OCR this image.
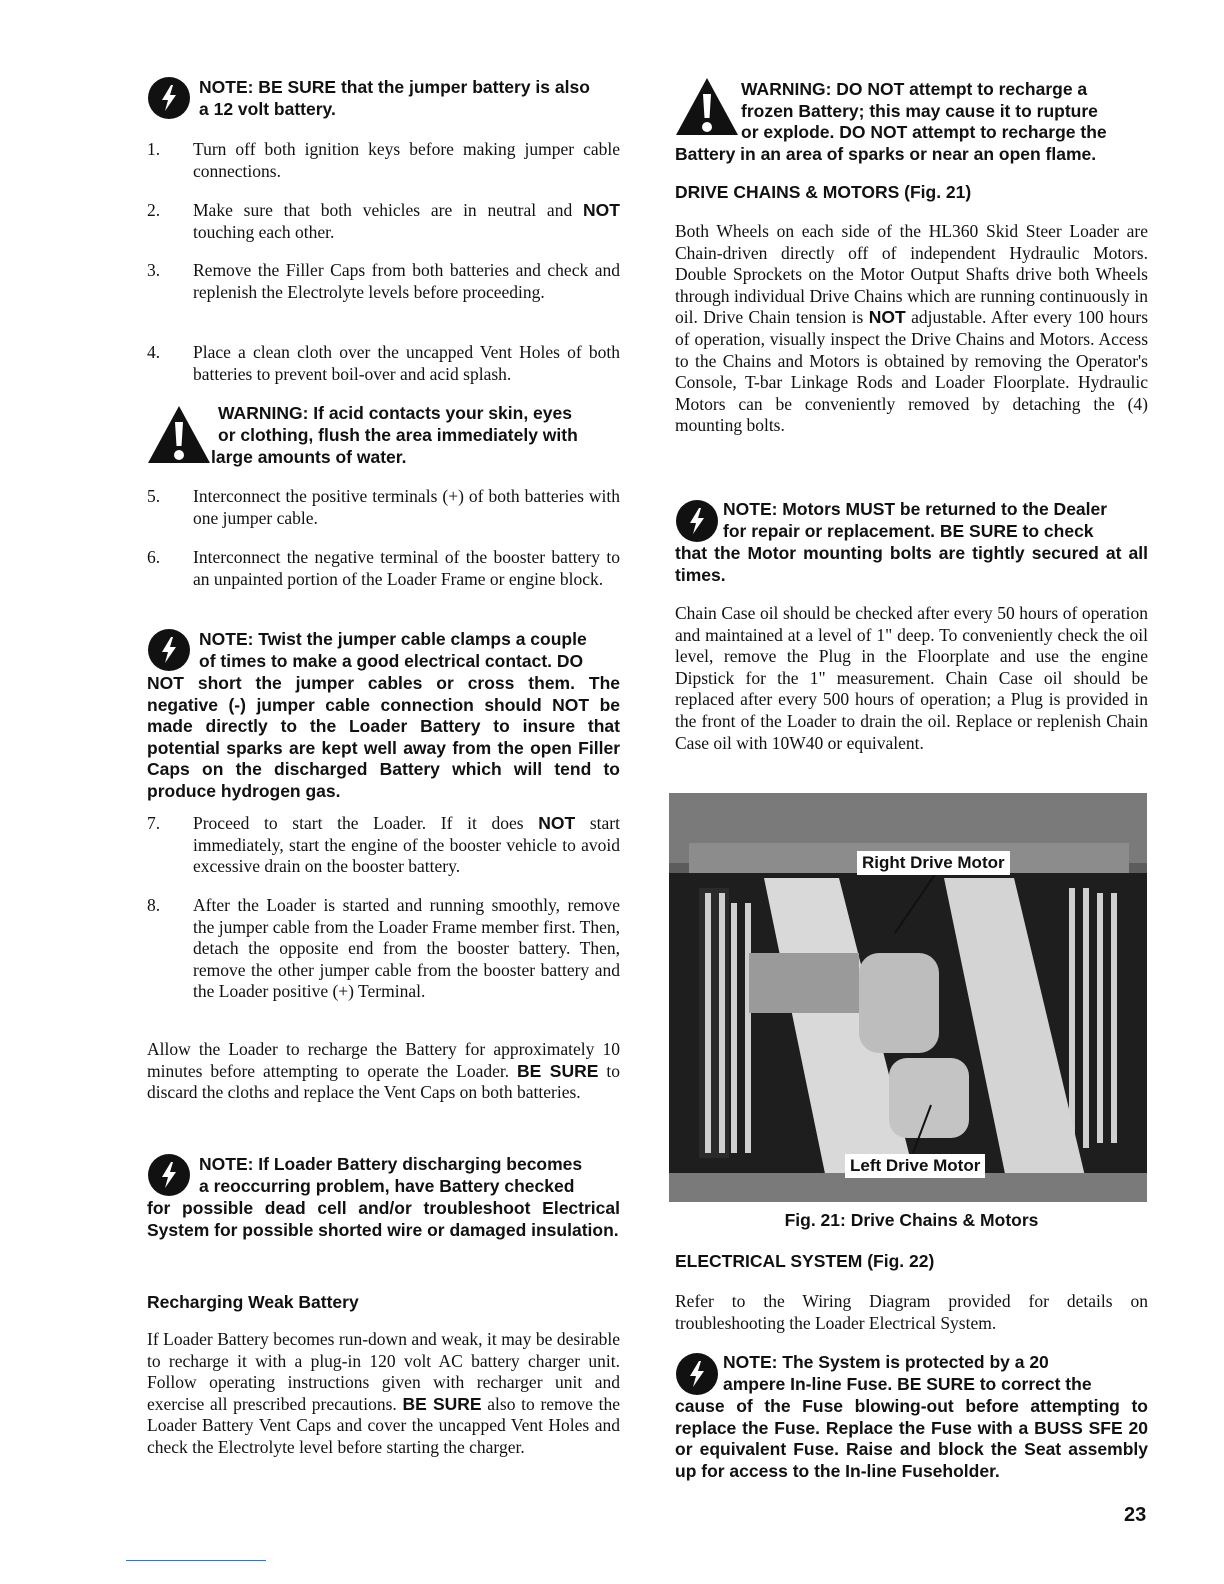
NOTE: BE SURE that the jumper battery is also
a 12 volt battery.
1. Turn off both ignition keys before making jumper cable connections.
2. Make sure that both vehicles are in neutral and NOT touching each other.
3. Remove the Filler Caps from both batteries and check and replenish the Electrolyte levels before proceeding.
4. Place a clean cloth over the uncapped Vent Holes of both batteries to prevent boil-over and acid splash.
WARNING: If acid contacts your skin, eyes
or clothing, flush the area immediately with
large amounts of water.
5. Interconnect the positive terminals (+) of both batteries with one jumper cable.
6. Interconnect the negative terminal of the booster battery to an unpainted portion of the Loader Frame or engine block.
NOTE: Twist the jumper cable clamps a couple
of times to make a good electrical contact. DO
NOT short the jumper cables or cross them. The negative (-) jumper cable connection should NOT be made directly to the Loader Battery to insure that potential sparks are kept well away from the open Filler Caps on the discharged Battery which will tend to produce hydrogen gas.
7. Proceed to start the Loader. If it does NOT start immediately, start the engine of the booster vehicle to avoid excessive drain on the booster battery.
8. After the Loader is started and running smoothly, remove the jumper cable from the Loader Frame member first. Then, detach the opposite end from the booster battery. Then, remove the other jumper cable from the booster battery and the Loader positive (+) Terminal.
Allow the Loader to recharge the Battery for approximately 10 minutes before attempting to operate the Loader. BE SURE to discard the cloths and replace the Vent Caps on both batteries.
NOTE: If Loader Battery discharging becomes
a reoccurring problem, have Battery checked
for possible dead cell and/or troubleshoot Electrical System for possible shorted wire or damaged insulation.
Recharging Weak Battery
If Loader Battery becomes run-down and weak, it may be desirable to recharge it with a plug-in 120 volt AC battery charger unit. Follow operating instructions given with recharger unit and exercise all prescribed precautions. BE SURE also to remove the Loader Battery Vent Caps and cover the uncapped Vent Holes and check the Electrolyte level before starting the charger.
WARNING: DO NOT attempt to recharge a
frozen Battery; this may cause it to rupture
or explode. DO NOT attempt to recharge the
Battery in an area of sparks or near an open flame.
DRIVE CHAINS & MOTORS (Fig. 21)
Both Wheels on each side of the HL360 Skid Steer Loader are Chain-driven directly off of independent Hydraulic Motors. Double Sprockets on the Motor Output Shafts drive both Wheels through individual Drive Chains which are running continuously in oil. Drive Chain tension is NOT adjustable. After every 100 hours of operation, visually inspect the Drive Chains and Motors. Access to the Chains and Motors is obtained by removing the Operator's Console, T-bar Linkage Rods and Loader Floorplate. Hydraulic Motors can be conveniently removed by detaching the (4) mounting bolts.
NOTE: Motors MUST be returned to the Dealer
for repair or replacement. BE SURE to check
that the Motor mounting bolts are tightly secured at all times.
Chain Case oil should be checked after every 50 hours of operation and maintained at a level of 1" deep. To conveniently check the oil level, remove the Plug in the Floorplate and use the engine Dipstick for the 1" measurement. Chain Case oil should be replaced after every 500 hours of operation; a Plug is provided in the front of the Loader to drain the oil. Replace or replenish Chain Case oil with 10W40 or equivalent.
Fig. 21: Drive Chains & Motors
ELECTRICAL SYSTEM (Fig. 22)
Refer to the Wiring Diagram provided for details on troubleshooting the Loader Electrical System.
NOTE: The System is protected by a 20
ampere In-line Fuse. BE SURE to correct the
cause of the Fuse blowing-out before attempting to replace the Fuse. Replace the Fuse with a BUSS SFE 20 or equivalent Fuse. Raise and block the Seat assembly up for access to the In-line Fuseholder.
Right Drive Motor
Left Drive Motor
23
